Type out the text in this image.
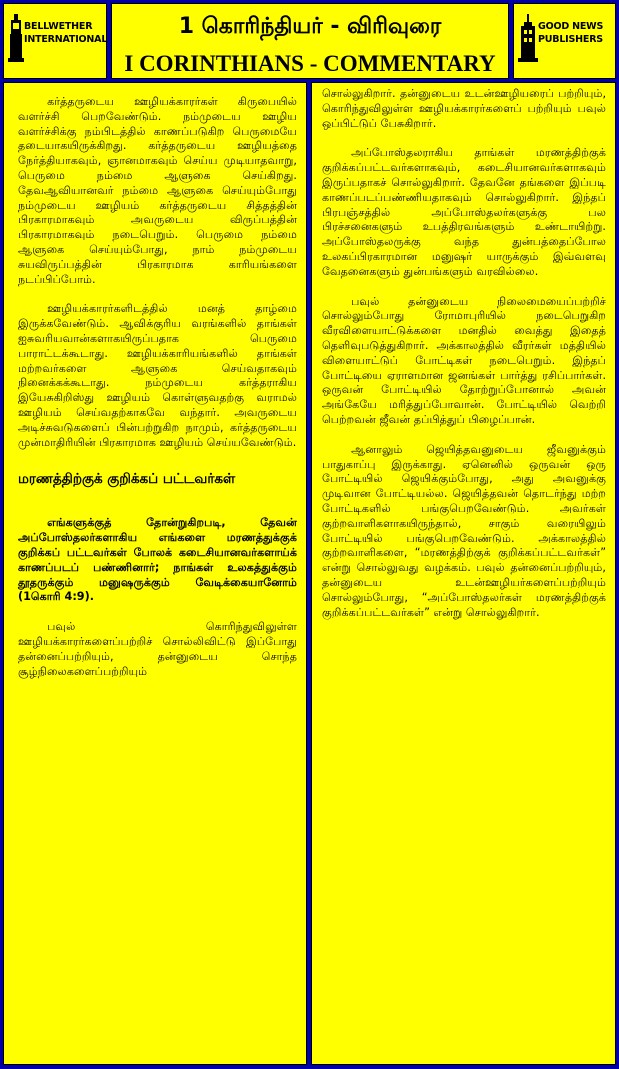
BELLWETHER
INTERNATIONAL
1 கொரிந்தியர் - விரிவுரை
I CORINTHIANS - COMMENTARY
GOOD NEWS
PUBLISHERS

கர்த்தருடைய ஊழியக்காரர்கள் கிருபையில் வளர்ச்சி பெறவேண்டும். நம்முடைய ஊழிய வளர்ச்சிக்கு நம்பிடத்தில் காணப்படுகிற பெருமையே தடையாகயிருக்கிறது. கர்த்தருடைய ஊழியத்தை நேர்த்தியாகவும், ஞானமாகவும் செய்ய முடியாதவாறு, பெருமை நம்மை ஆளுகை செய்கிறது. தேவஆவியானவர் நம்மை ஆளுகை செய்யும்போது நம்முடைய ஊழியம் கர்த்தருடைய சித்தத்தின் பிரகாரமாகவும் அவருடைய விருப்பத்தின் பிரகாரமாகவும் நடைபெறும். பெருமை நம்மை ஆளுகை செய்யும்போது, நாம் நம்முடைய சுயவிருப்பத்தின் பிரகாரமாக காரியங்களை நடப்பிப்போம்.

ஊழியக்காரர்களிடத்தில் மனத் தாழ்மை இருக்கவேண்டும். ஆவிக்குரிய வரங்களில் தாங்கள் ஐசுவரியவான்களாகயிருப்பதாக பெருமை பாராட்டக்கூடாது. ஊழியக்காரியங்களில் தாங்கள் மற்றவர்களை ஆளுகை செய்வதாகவும் நினைக்கக்கூடாது. நம்முடைய கர்த்தராகிய இயேசுகிறிஸ்து ஊழியம் கொள்ளுவதற்கு வராமல் ஊழியம் செய்வதற்காகவே வந்தார். அவருடைய அடிச்சுவடுகளைப் பின்பற்றுகிற நாமும், கர்த்தருடைய முன்மாதிரியின் பிரகாரமாக ஊழியம் செய்யவேண்டும்.

மரணத்திற்குக் குறிக்கப் பட்டவர்கள்
எங்களுக்குத் தோன்றுகிறபடி, தேவன் அப்போஸ்தலர்களாகிய எங்களை மரணத்துக்குக் குறிக்கப் பட்டவர்கள் போலக் கடைசியானவர்களாய்க் காணப்படப் பண்ணினார்; நாங்கள் உலகத்துக்கும் தூதருக்கும் மனுஷருக்கும் வேடிக்கையானோம் (1கொரி 4:9).

பவுல் கொரிந்துவிலுள்ள ஊழியக்காரர்களைப்பற்றிச் சொல்லிவிட்டு இப்போது தன்னைப்பற்றியும், தன்னுடைய சொந்த சூழ்நிலைகளைப்பற்றியும்

சொல்லுகிறார். தன்னுடைய உடன்ஊழியரைப் பற்றியும், கொரிந்துவிலுள்ள ஊழியக்காரர்களைப் பற்றியும் பவுல் ஒப்பிட்டுப் பேசுகிறார்.

அப்போஸ்தலராகிய தாங்கள் மரணத்திற்குக் குறிக்கப்பட்டவர்களாகவும், கடைசியானவர்களாகவும் இருப்பதாகச் சொல்லுகிறார். தேவனே தங்களை இப்படி காணப்படப்பண்ணியதாகவும் சொல்லுகிறார். இந்தப் பிரபஞ்சத்தில் அப்போஸ்தலர்களுக்கு பல பிரச்சனைகளும் உபத்திரவங்களும் உண்டாயிற்று. அப்போஸ்தலருக்கு வந்த துன்பத்தைப்போல உலகப்பிரகாரமான மனுஷர் யாருக்கும் இவ்வளவு வேதனைகளும் துன்பங்களும் வரவில்லை.

பவுல் தன்னுடைய நிலைமையைப்பற்றிச் சொல்லும்போது ரோமாபுரியில் நடைபெறுகிற வீரவிளையாட்டுக்களை மனதில் வைத்து இதைத் தெளிவுபடுத்துகிறார். அக்காலத்தில் வீரர்கள் மத்தியில் விளையாட்டுப் போட்டிகள் நடைபெறும். இந்தப் போட்டியை ஏராளமான ஜனங்கள் பார்த்து ரசிப்பார்கள். ஒருவன் போட்டியில் தோற்றுப்போனால் அவன் அங்கேயே மரித்துப்போவான். போட்டியில் வெற்றி பெற்றவன் ஜீவன் தப்பித்துப் பிழைப்பான்.

ஆனாலும் ஜெயித்தவனுடைய ஜீவனுக்கும் பாதுகாப்பு இருக்காது. ஏனெனில் ஒருவன் ஒரு போட்டியில் ஜெயிக்கும்போது, அது அவனுக்கு முடிவான போட்டியல்ல. ஜெயித்தவன் தொடர்ந்து மற்ற போட்டிகளில் பங்குபெறவேண்டும். அவர்கள் குற்றவாளிகளாகயிருந்தால், சாகும் வரையிலும் போட்டியில் பங்குபெறவேண்டும். அக்காலத்தில் குற்றவாளிகளை, “மரணத்திற்குக் குறிக்கப்பட்டவர்கள்” என்று சொல்லுவது வழக்கம். பவுல் தன்னைப்பற்றியும், தன்னுடைய உடன்ஊழியர்களைப்பற்றியும் சொல்லும்போது, “அப்போஸ்தலர்கள் மரணத்திற்குக் குறிக்கப்பட்டவர்கள்” என்று சொல்லுகிறார்.
